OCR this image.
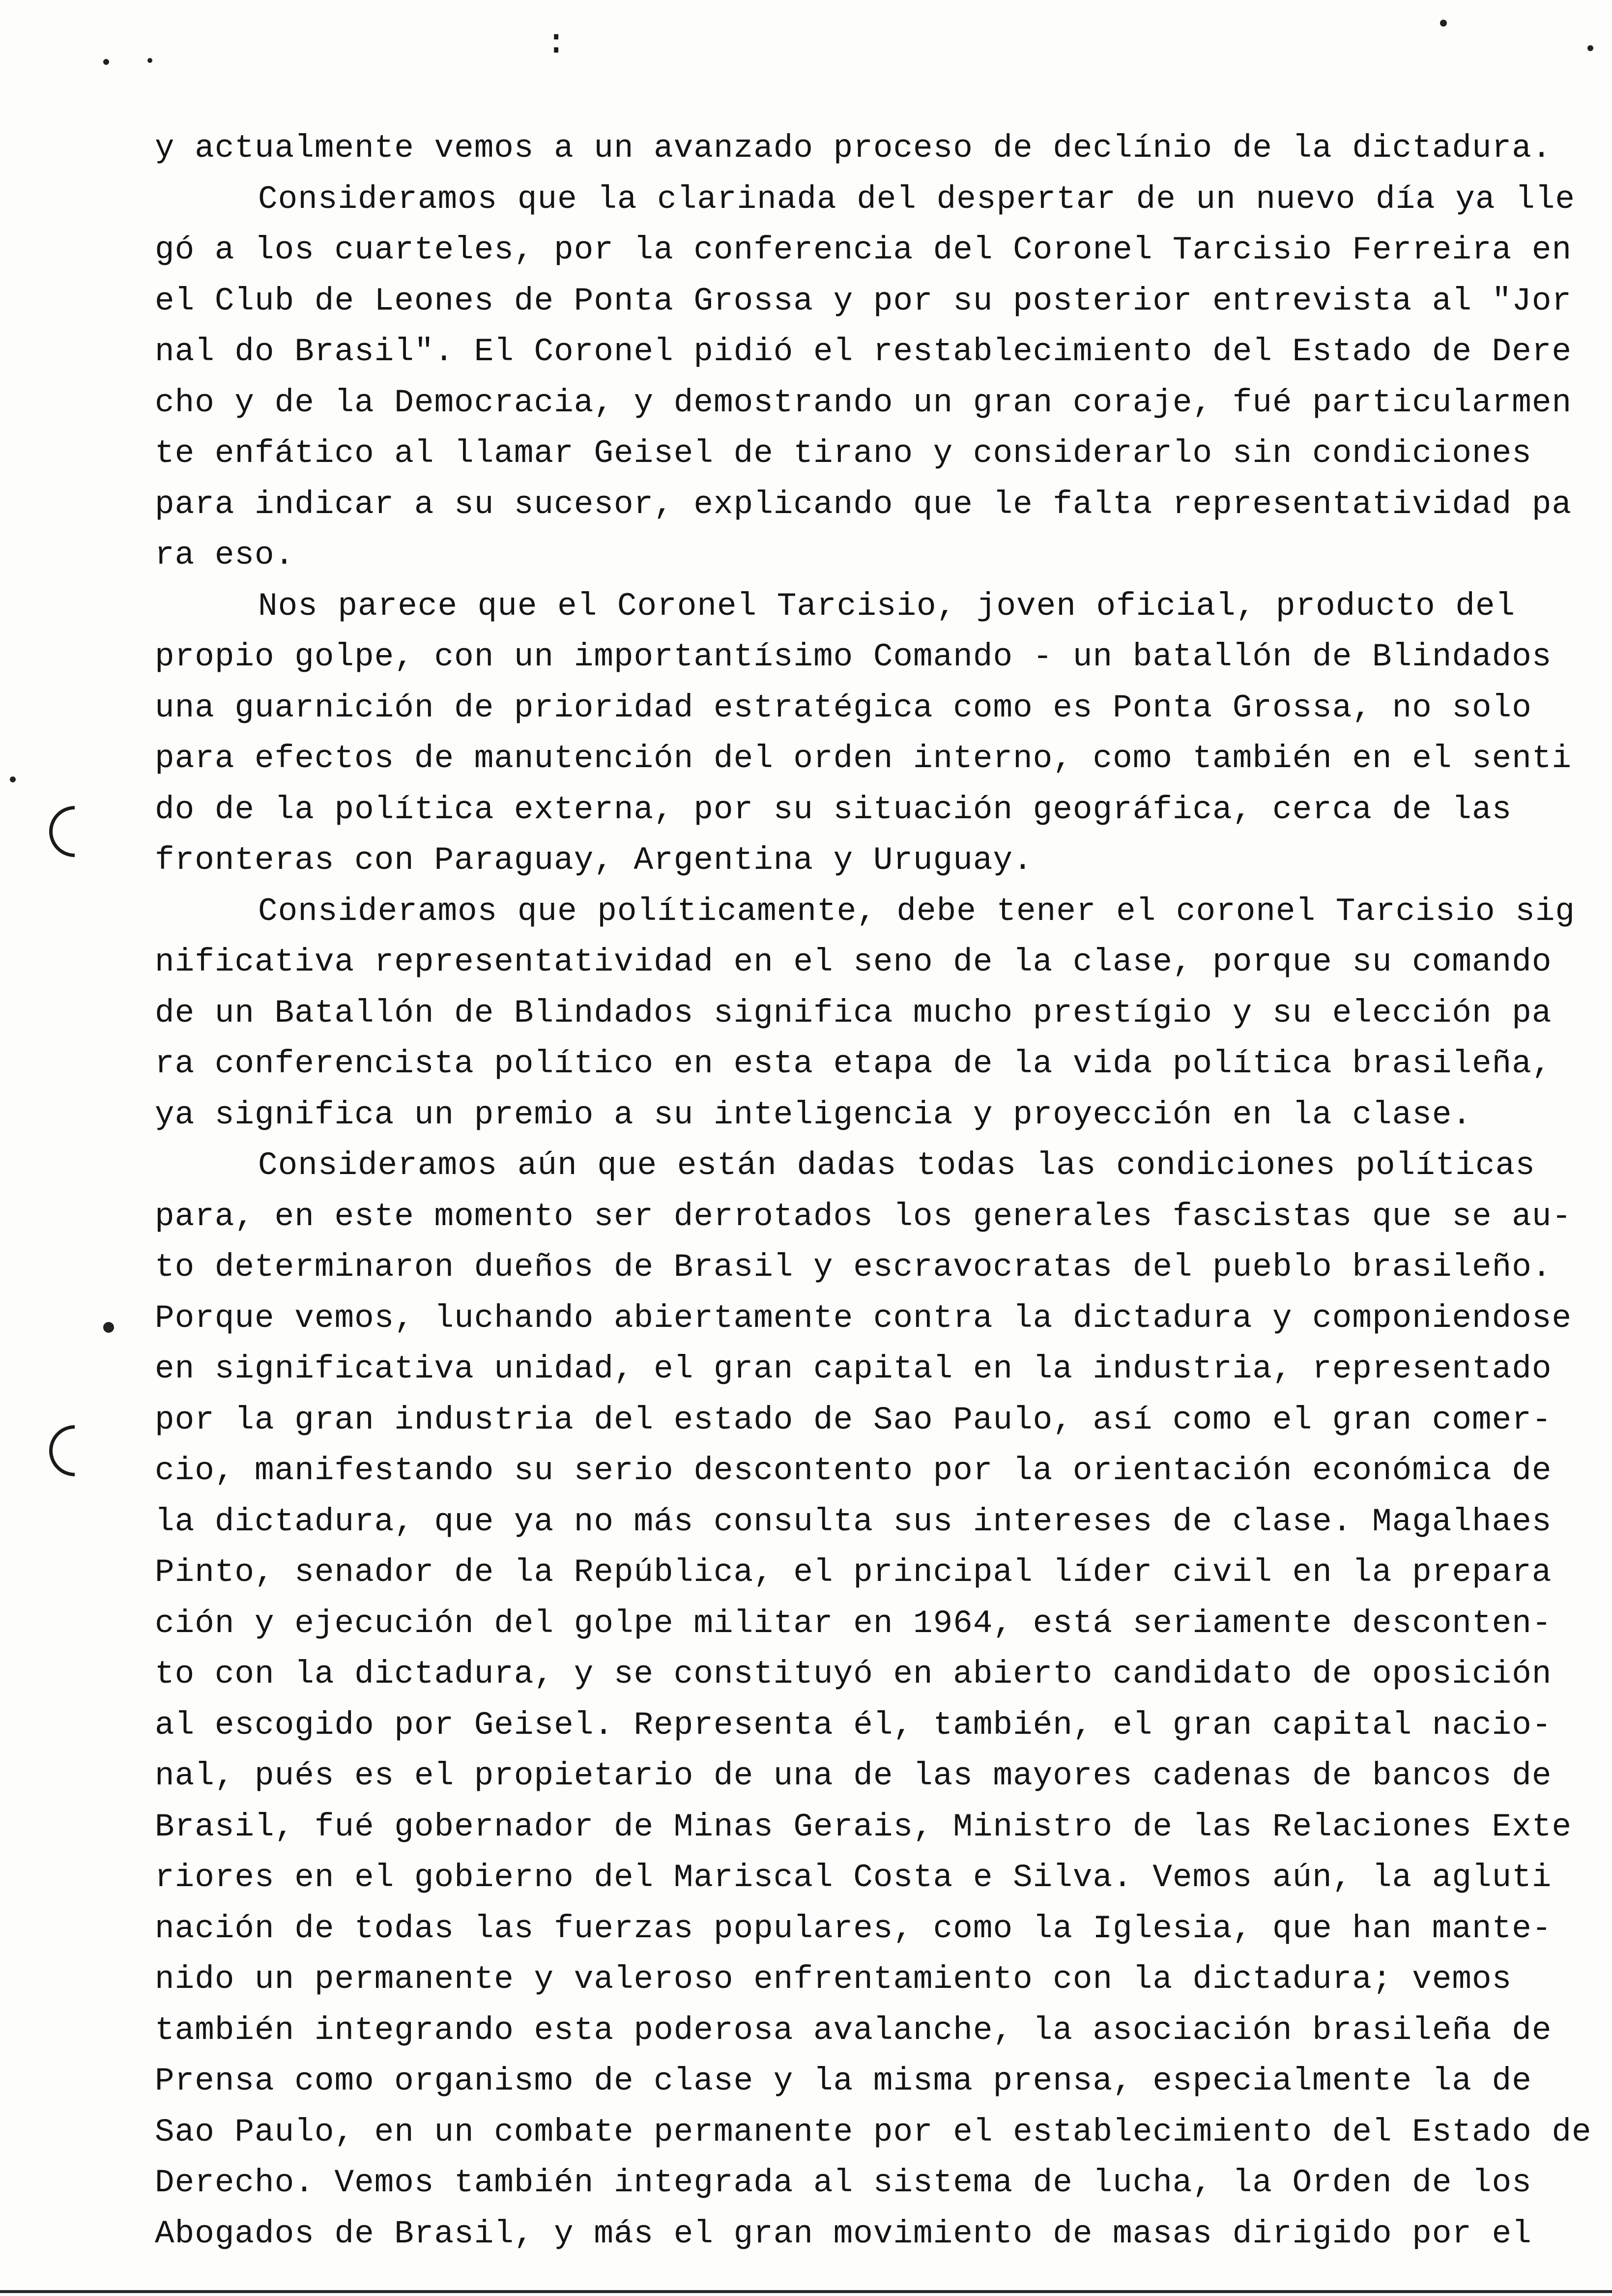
:
y actualmente vemos a un avanzado proceso de declínio de la dictadura.
Consideramos que la clarinada del despertar de un nuevo día ya lle
gó a los cuarteles, por la conferencia del Coronel Tarcisio Ferreira en
el Club de Leones de Ponta Grossa y por su posterior entrevista al "Jor
nal do Brasil". El Coronel pidió el restablecimiento del Estado de Dere
cho y de la Democracia, y demostrando un gran coraje, fué particularmen
te enfático al llamar Geisel de tirano y considerarlo sin condiciones
para indicar a su sucesor, explicando que le falta representatividad pa
ra eso.
Nos parece que el Coronel Tarcisio, joven oficial, producto del
propio golpe, con un importantísimo Comando - un batallón de Blindados
una guarnición de prioridad estratégica como es Ponta Grossa, no solo
para efectos de manutención del orden interno, como también en el senti
do de la política externa, por su situación geográfica, cerca de las
fronteras con Paraguay, Argentina y Uruguay.
Consideramos que políticamente, debe tener el coronel Tarcisio sig
nificativa representatividad en el seno de la clase, porque su comando
de un Batallón de Blindados significa mucho prestígio y su elección pa
ra conferencista político en esta etapa de la vida política brasileña,
ya significa un premio a su inteligencia y proyección en la clase.
Consideramos aún que están dadas todas las condiciones políticas
para, en este momento ser derrotados los generales fascistas que se au-
to determinaron dueños de Brasil y escravocratas del pueblo brasileño.
Porque vemos, luchando abiertamente contra la dictadura y componiendose
en significativa unidad, el gran capital en la industria, representado
por la gran industria del estado de Sao Paulo, así como el gran comer-
cio, manifestando su serio descontento por la orientación económica de
la dictadura, que ya no más consulta sus intereses de clase. Magalhaes
Pinto, senador de la República, el principal líder civil en la prepara
ción y ejecución del golpe militar en 1964, está seriamente desconten-
to con la dictadura, y se constituyó en abierto candidato de oposición
al escogido por Geisel. Representa él, también, el gran capital nacio-
nal, pués es el propietario de una de las mayores cadenas de bancos de
Brasil, fué gobernador de Minas Gerais, Ministro de las Relaciones Exte
riores en el gobierno del Mariscal Costa e Silva. Vemos aún, la agluti
nación de todas las fuerzas populares, como la Iglesia, que han mante-
nido un permanente y valeroso enfrentamiento con la dictadura; vemos
también integrando esta poderosa avalanche, la asociación brasileña de
Prensa como organismo de clase y la misma prensa, especialmente la de
Sao Paulo, en un combate permanente por el establecimiento del Estado de
Derecho. Vemos también integrada al sistema de lucha, la Orden de los
Abogados de Brasil, y más el gran movimiento de masas dirigido por el
